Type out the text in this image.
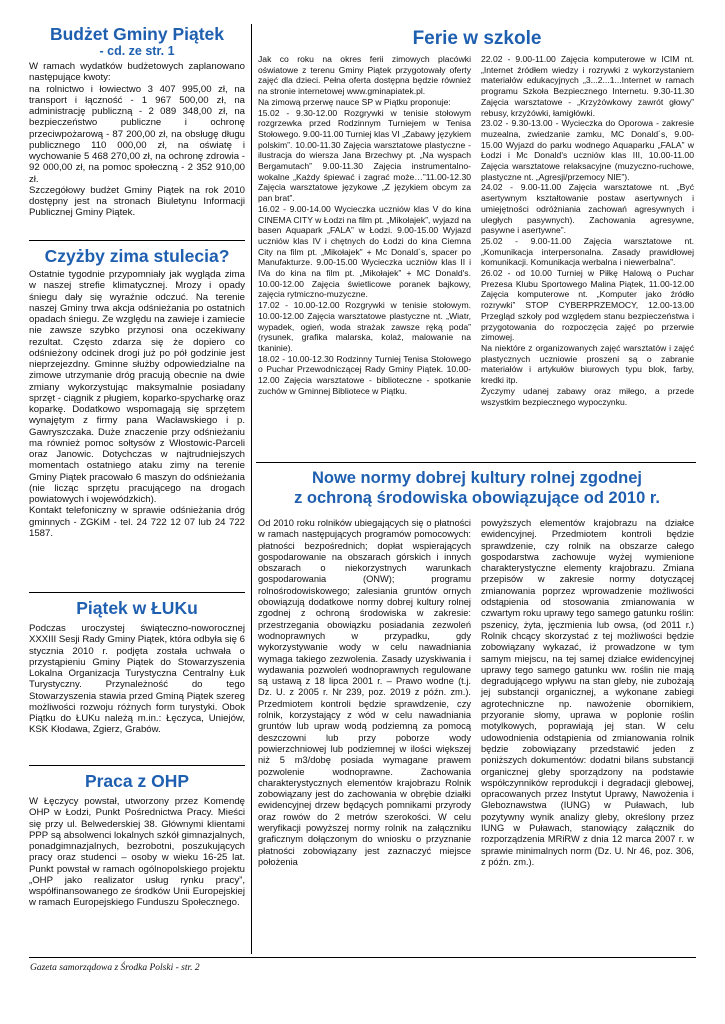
Budżet Gminy Piątek

- cd. ze str. 1

W ramach wydatków budżetowych zaplanowano następujące kwoty:

na rolnictwo i łowiectwo 3 407 995,00 zł, na transport i łączność - 1 967 500,00 zł, na administrację publiczną - 2 089 348,00 zł, na bezpieczeństwo publiczne i ochronę przeciwpożarową - 87 200,00 zł, na obsługę długu publicznego 110 000,00 zł, na oświatę i wychowanie 5 468 270,00 zł, na ochronę zdrowia - 92 000,00 zł, na pomoc społeczną - 2 352 910,00 zł.

Szczegółowy budżet Gminy Piątek na rok 2010 dostępny jest na stronach Biuletynu Informacji Publicznej Gminy Piątek.

Czyżby zima stulecia?

Ostatnie tygodnie przypomniały jak wygląda zima w naszej strefie klimatycznej. Mrozy i opady śniegu dały się wyraźnie odczuć. Na terenie naszej Gminy trwa akcja odśnieżania po ostatnich opadach śniegu. Ze względu na zawieje i zamiecie nie zawsze szybko przynosi ona oczekiwany rezultat. Często zdarza się że dopiero co odśnieżony odcinek drogi już po pół godzinie jest nieprzejezdny. Gminne służby odpowiedzialne na zimowe utrzymanie dróg pracują obecnie na dwie zmiany wykorzystując maksymalnie posiadany sprzęt - ciągnik z pługiem, koparko-spycharkę oraz koparkę. Dodatkowo wspomagają się sprzętem wynajętym z firmy pana Wacławskiego i p. Gawryszczaka. Duże znaczenie przy odśnieżaniu ma również pomoc sołtysów z Włostowic-Parceli oraz Janowic. Dotychczas w najtrudniejszych momentach ostatniego ataku zimy na terenie Gminy Piątek pracowało 6 maszyn do odśnieżania (nie licząc sprzętu pracującego na drogach powiatowych i wojewódzkich).

Kontakt telefoniczny w sprawie odśnieżania dróg gminnych - ZGKiM - tel. 24 722 12 07 lub 24 722 1587.

Piątek w ŁUKu

Podczas uroczystej świąteczno-noworocznej XXXIII Sesji Rady Gminy Piątek, która odbyła się 6 stycznia 2010 r. podjęta została uchwała o przystąpieniu Gminy Piątek do Stowarzyszenia Lokalna Organizacja Turystyczna Centralny Łuk Turystyczny. Przynależność do tego Stowarzyszenia stawia przed Gminą Piątek szereg możliwości rozwoju różnych form turystyki. Obok Piątku do ŁUKu należą m.in.: Łęczyca, Uniejów, KSK Kłodawa, Zgierz, Grabów.

Praca z OHP

W Łęczycy powstał, utworzony przez Komendę OHP w Łodzi, Punkt Pośrednictwa Pracy. Mieści się przy ul. Belwederskiej 38. Głównymi klientami PPP są absolwenci lokalnych szkół gimnazjalnych, ponadgimnazjalnych, bezrobotni, poszukujących pracy oraz studenci – osoby w wieku 16-25 lat. Punkt powstał w ramach ogólnopolskiego projektu „OHP jako realizator usług rynku pracy”, współfinansowanego ze środków Unii Europejskiej w ramach Europejskiego Funduszu Społecznego.

Ferie w szkole

Jak co roku na okres ferii zimowych placówki oświatowe z terenu Gminy Piątek przygotowały oferty zajęć dla dzieci. Pełna oferta dostępna będzie również na stronie internetowej www.gminapiatek.pl.

Na zimową przerwę nauce SP w Piątku proponuje:

15.02 - 9.30-12.00 Rozgrywki w tenisie stołowym rozgrzewka przed Rodzinnym Turniejem w Tenisa Stołowego. 9.00-11.00 Turniej klas VI „Zabawy językiem polskim”. 10.00-11.30 Zajęcia warsztatowe plastyczne - ilustracja do wiersza Jana Brzechwy pt. „Na wyspach Bergamutach” 9.00-11.30 Zajęcia instrumentalno-wokalne „Każdy śpiewać i zagrać może…”11.00-12.30 Zajęcia warsztatowe językowe „Z językiem obcym za pan brat”.

16.02 - 9.00-14.00 Wycieczka uczniów klas V do kina CINEMA CITY w Łodzi na film pt. „Mikołajek”, wyjazd na basen Aquapark „FALA” w Łodzi. 9.00-15.00 Wyjazd uczniów klas IV i chętnych do Łodzi do kina Ciemna City na film pt. „Mikołajek” + Mc Donald´s, spacer po Manufakturze. 9.00-15.00 Wycieczka uczniów klas II i IVa do kina na film pt. „Mikołajek” + MC Donald's. 10.00-12.00 Zajęcia świetlicowe poranek bajkowy, zajęcia rytmiczno-muzyczne.

17.02 - 10.00-12.00 Rozgrywki w tenisie stołowym. 10.00-12.00 Zajęcia warsztatowe plastyczne nt. „Wiatr, wypadek, ogień, woda strażak zawsze ręką poda” (rysunek, grafika malarska, kolaż, malowanie na tkaninie).

18.02 - 10.00-12.30 Rodzinny Turniej Tenisa Stołowego o Puchar Przewodniczącej Rady Gminy Piątek. 10.00-12.00 Zajęcia warsztatowe - biblioteczne - spotkanie zuchów w Gminnej Bibliotece w Piątku.

22.02 - 9.00-11.00 Zajęcia komputerowe w ICIM nt. „Internet źródłem wiedzy i rozrywki z wykorzystaniem materiałów edukacyjnych „3...2...1...Internet w ramach programu Szkoła Bezpiecznego Internetu. 9.30-11.30 Zajęcia warsztatowe - „Krzyżówkowy zawrót głowy” rebusy, krzyżówki, łamigłówki.

23.02 - 9.30-13.00 - Wycieczka do Oporowa - zakresie muzealna, zwiedzanie zamku, MC Donald´s, 9.00-15.00 Wyjazd do parku wodnego Aquaparku „FALA” w Łodzi i Mc Donald's uczniów klas III, 10.00-11.00 Zajęcia warsztatowe relaksacyjne (muzyczno-ruchowe, plastyczne nt. „Agresji/przemocy NIE”).

24.02 - 9.00-11.00 Zajęcia warsztatowe nt. „Być asertywnym kształtowanie postaw asertywnych i umiejętności odróżniania zachowań agresywnych i uległych pasywnych). Zachowania agresywne, pasywne i asertywne”.

25.02 - 9.00-11.00 Zajęcia warsztatowe nt. „Komunikacja interpersonalna. Zasady prawidłowej komunikacji. Komunikacja werbalna i niewerbalna”.

26.02 - od 10.00 Turniej w Piłkę Halową o Puchar Prezesa Klubu Sportowego Malina Piątek, 11.00-12.00 Zajęcia komputerowe nt. „Komputer jako źródło rozrywki” STOP CYBERPRZEMOCY, 12.00-13.00 Przegląd szkoły pod względem stanu bezpieczeństwa i przygotowania do rozpoczęcia zajęć po przerwie zimowej.

Na niektóre z organizowanych zajęć warsztatów i zajęć plastycznych uczniowie proszeni są o zabranie materiałów i artykułów biurowych typu blok, farby, kredki itp.

Życzymy udanej zabawy oraz miłego, a przede wszystkim bezpiecznego wypoczynku.

Nowe normy dobrej kultury rolnej zgodnej
z ochroną środowiska obowiązujące od 2010 r.

Od 2010 roku rolników ubiegających się o płatności w ramach następujących programów pomocowych: płatności bezpośrednich; dopłat wspierających gospodarowanie na obszarach górskich i innych obszarach o niekorzystnych warunkach gospodarowania (ONW); programu rolnośrodowiskowego; zalesiania gruntów ornych obowiązują dodatkowe normy dobrej kultury rolnej zgodnej z ochroną środowiska w zakresie: przestrzegania obowiązku posiadania zezwoleń wodnoprawnych w przypadku, gdy wykorzystywanie wody w celu nawadniania wymaga takiego zezwolenia. Zasady uzyskiwania i wydawania pozwoleń wodnoprawnych regulowane są ustawą z 18 lipca 2001 r. – Prawo wodne (t.j. Dz. U. z 2005 r. Nr 239, poz. 2019 z późn. zm.). Przedmiotem kontroli będzie sprawdzenie, czy rolnik, korzystający z wód w celu nawadniania gruntów lub upraw wodą podziemną za pomocą deszczowni lub przy poborze wody powierzchniowej lub podziemnej w ilości większej niż 5 m3/dobę posiada wymagane prawem pozwolenie wodnoprawne. Zachowania charakterystycznych elementów krajobrazu Rolnik zobowiązany jest do zachowania w obrębie działki ewidencyjnej drzew będących pomnikami przyrody oraz rowów do 2 metrów szerokości. W celu weryfikacji powyższej normy rolnik na załączniku graficznym dołączonym do wniosku o przyznanie płatności zobowiązany jest zaznaczyć miejsce położenia

powyższych elementów krajobrazu na działce ewidencyjnej. Przedmiotem kontroli będzie sprawdzenie, czy rolnik na obszarze całego gospodarstwa zachowuje wyżej wymienione charakterystyczne elementy krajobrazu. Zmiana przepisów w zakresie normy dotyczącej zmianowania poprzez wprowadzenie możliwości odstąpienia od stosowania zmianowania w czwartym roku uprawy tego samego gatunku roślin: pszenicy, żyta, jęczmienia lub owsa, (od 2011 r.) Rolnik chcący skorzystać z tej możliwości będzie zobowiązany wykazać, iż prowadzone w tym samym miejscu, na tej samej działce ewidencyjnej uprawy tego samego gatunku ww. roślin nie mają degradującego wpływu na stan gleby, nie zubożają jej substancji organicznej, a wykonane zabiegi agrotechniczne np. nawożenie obornikiem, przyoranie słomy, uprawa w poplonie roślin motylkowych, poprawiają jej stan. W celu udowodnienia odstąpienia od zmianowania rolnik będzie zobowiązany przedstawić jeden z poniższych dokumentów: dodatni bilans substancji organicznej gleby sporządzony na podstawie współczynników reprodukcji i degradacji glebowej, opracowanych przez Instytut Uprawy, Nawożenia i Gleboznawstwa (IUNG) w Puławach, lub pozytywny wynik analizy gleby, określony przez IUNG w Puławach, stanowiący załącznik do rozporządzenia MRiRW z dnia 12 marca 2007 r. w sprawie minimalnych norm (Dz. U. Nr 46, poz. 306, z późn. zm.).

Gazeta samorządowa z Środka Polski - str. 2
